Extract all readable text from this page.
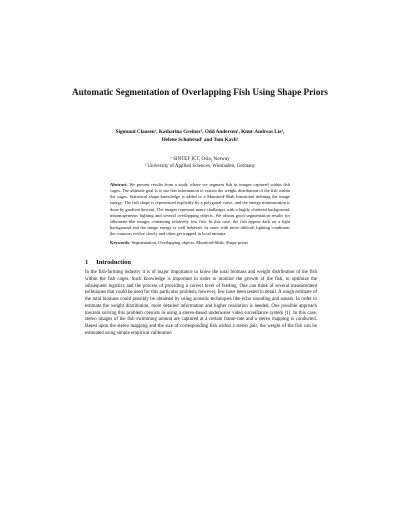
Automatic Segmentation of Overlapping Fish Using Shape Priors
Sigmund Clausen¹, Katharina Greiner², Odd Andersen¹, Knut-Andreas Lie¹,
Helene Schulerud¹ and Tom Kavli¹
¹ SINTEF ICT, Oslo, Norway
² University of Applied Sciences, Wiesbaden, Germany
Abstract. We present results from a study where we segment fish in images captured within fish cages. The ultimate goal is to use this information to extract the weight distribution of the fish within the cages. Statistical shape knowledge is added to a Mumford-Shah functional defining the image energy. The fish shape is represented explicitly by a polygonal curve, and the energy minimization is done by gradient descent. The images represent many challenges with a highly cluttered background, inhomogeneous lighting and several overlapping objects. We obtain good segmentation results for silhouette-like images containing relatively few fish. In this case, the fish appear dark on a light background and the image energy is well behaved. In cases with more difficult lighting conditions the contours evolve slowly and often get trapped in local minima.
Keywords: Segmentation, Overlapping objects, Mumford-Shah, Shape priors
1 Introduction
In the fish-farming industry it is of major importance to know the total biomass and weight distribution of the fish within the fish cages. Such knowledge is important in order to monitor the growth of the fish, to optimize the subsequent logistics and the process of providing a correct level of feeding. One can think of several measurement techniques that could be used for this particular problem; however, few have been tested in detail. A rough estimate of the total biomass could possibly be obtained by using acoustic techniques like echo sounding and sonars. In order to estimate the weight distribution, more detailed information and higher resolution is needed. One possible approach towards solving this problem consists in using a stereo-based underwater video surveillance system [1]. In this case, stereo images of the fish swimming around are captured at a certain frame-rate and a stereo mapping is conducted. Based upon the stereo mapping and the size of corresponding fish within a stereo pair, the weight of the fish can be estimated using simple empirical calibration
